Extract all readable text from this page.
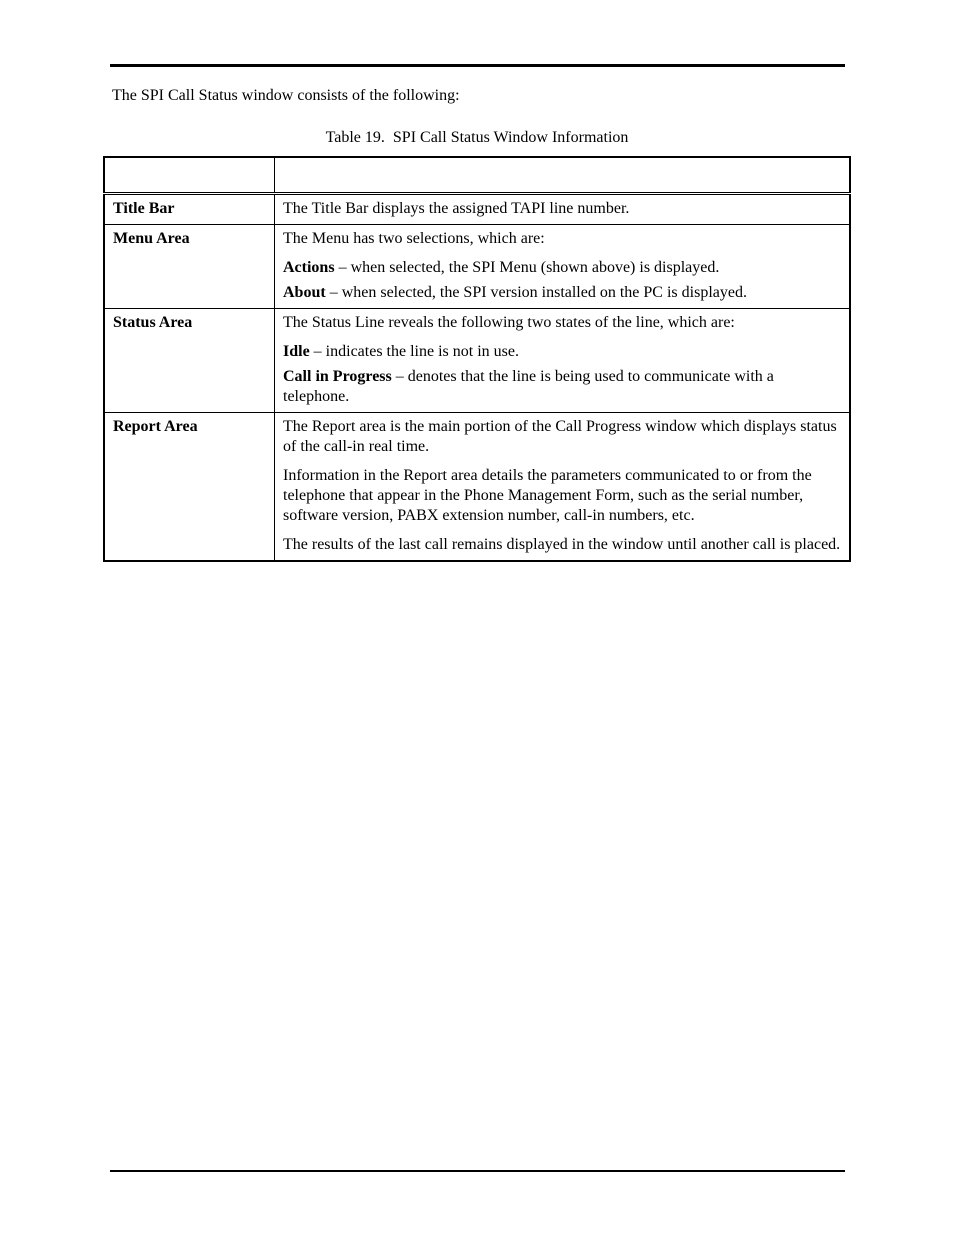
The SPI Call Status window consists of the following:
Table 19.  SPI Call Status Window Information

Title Bar	The Title Bar displays the assigned TAPI line number.

Menu Area	The Menu has two selections, which are:

Actions – when selected, the SPI Menu (shown above) is displayed.

About – when selected, the SPI version installed on the PC is displayed.

Status Area	The Status Line reveals the following two states of the line, which are:

Idle – indicates the line is not in use.

Call in Progress – denotes that the line is being used to communicate with a telephone.

Report Area	The Report area is the main portion of the Call Progress window which displays status of the call-in real time.

Information in the Report area details the parameters communicated to or from the telephone that appear in the Phone Management Form, such as the serial number, software version, PABX extension number, call-in numbers, etc.

The results of the last call remains displayed in the window until another call is placed.
